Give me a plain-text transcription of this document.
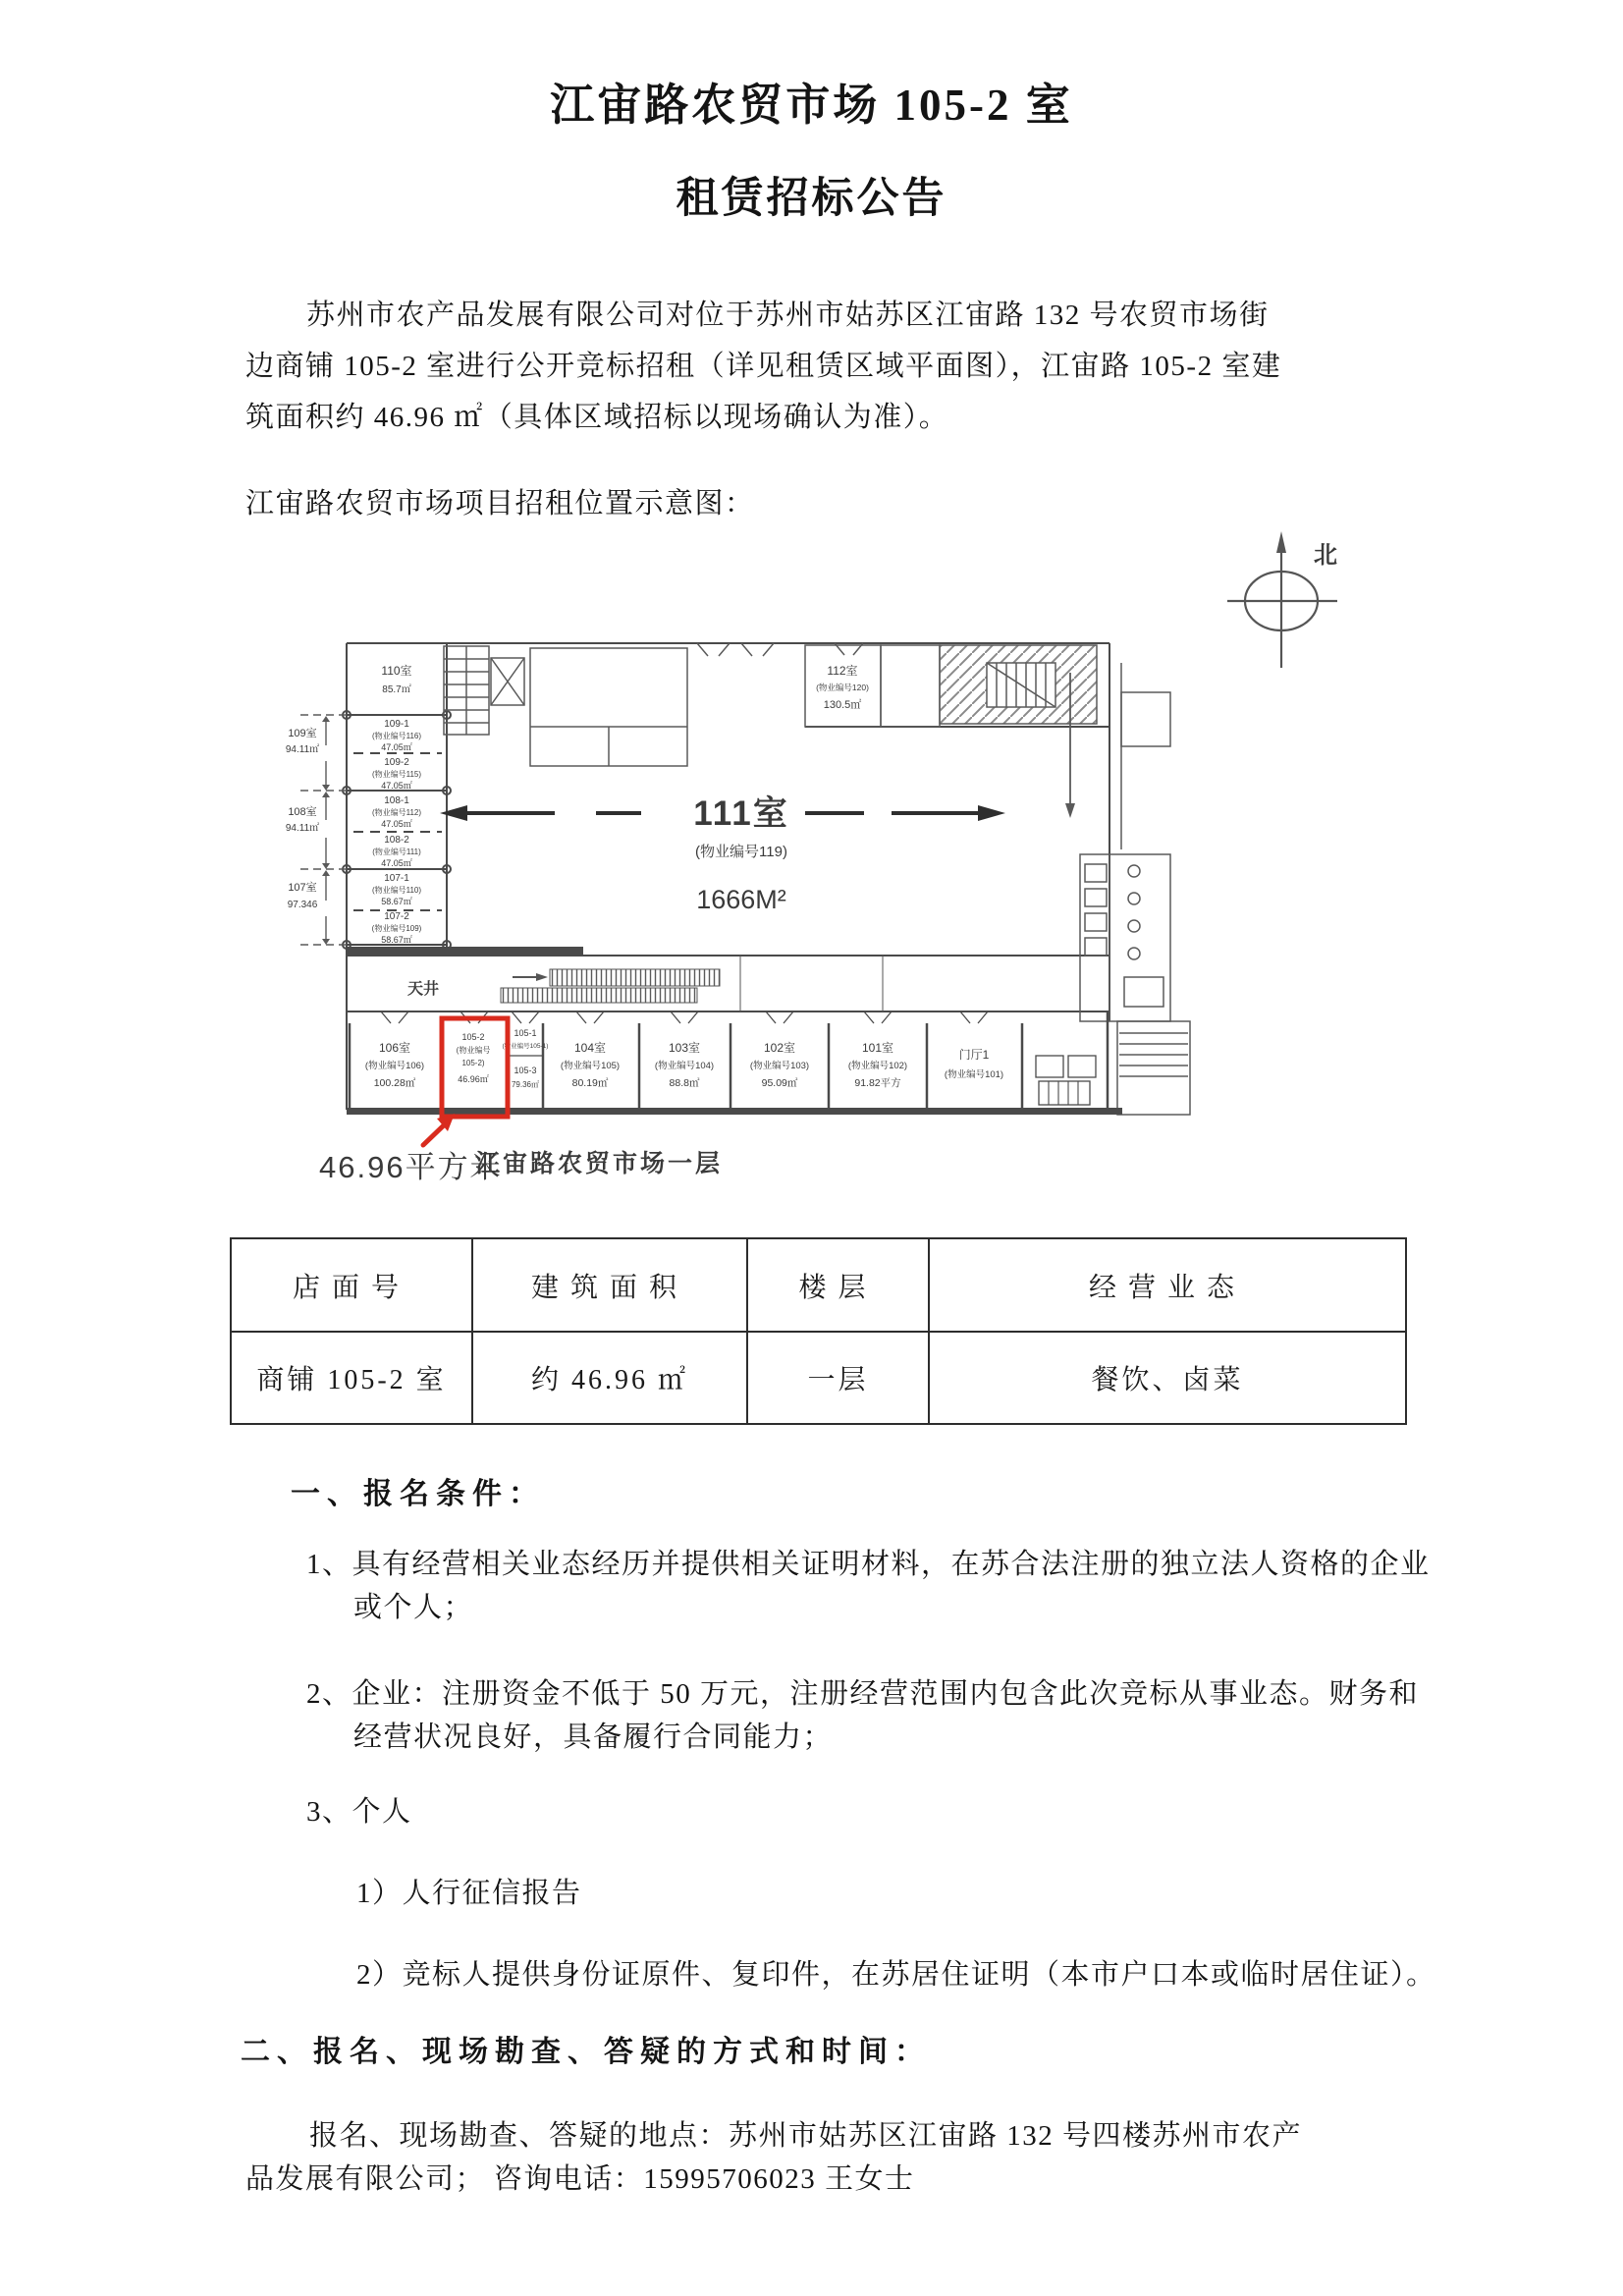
江宙路农贸市场 105-2 室
租赁招标公告
苏州市农产品发展有限公司对位于苏州市姑苏区江宙路 132 号农贸市场街
边商铺 105-2 室进行公开竞标招租（详见租赁区域平面图），江宙路 105-2 室建
筑面积约 46.96 ㎡（具体区域招标以现场确认为准）。
江宙路农贸市场项目招租位置示意图：
北
110室
85.7㎡
109-1
(物业编号116)
47.05㎡
109-2
(物业编号115)
47.05㎡
108-1
(物业编号112)
47.05㎡
108-2
(物业编号111)
47.05㎡
107-1
(物业编号110)
58.67㎡
107-2
(物业编号109)
58.67㎡
109室
94.11㎡
108室
94.11㎡
107室
97.346
112室
(物业编号120)
130.5㎡
111室
(物业编号119)
1666M²
天井
106室
(物业编号106)
100.28㎡
105-2
(物业编号
105-2)
46.96㎡
105-1
(物业编号105-1)
105-3
79.36㎡
104室
(物业编号105)
80.19㎡
103室
(物业编号104)
88.8㎡
102室
(物业编号103)
95.09㎡
101室
(物业编号102)
91.82平方
门厅1
(物业编号101)
46.96平方米
江宙路农贸市场一层
店面号	建筑面积	楼层	经营业态
商铺 105-2 室	约 46.96 ㎡	一层	餐饮、卤菜
一、报名条件：
1、具有经营相关业态经历并提供相关证明材料，在苏合法注册的独立法人资格的企业
或个人；
2、企业：注册资金不低于 50 万元，注册经营范围内包含此次竞标从事业态。财务和
经营状况良好，具备履行合同能力；
3、个人
1）人行征信报告
2）竞标人提供身份证原件、复印件，在苏居住证明（本市户口本或临时居住证）。
二、报名、现场勘查、答疑的方式和时间：
报名、现场勘查、答疑的地点：苏州市姑苏区江宙路 132 号四楼苏州市农产
品发展有限公司； 咨询电话：15995706023 王女士
